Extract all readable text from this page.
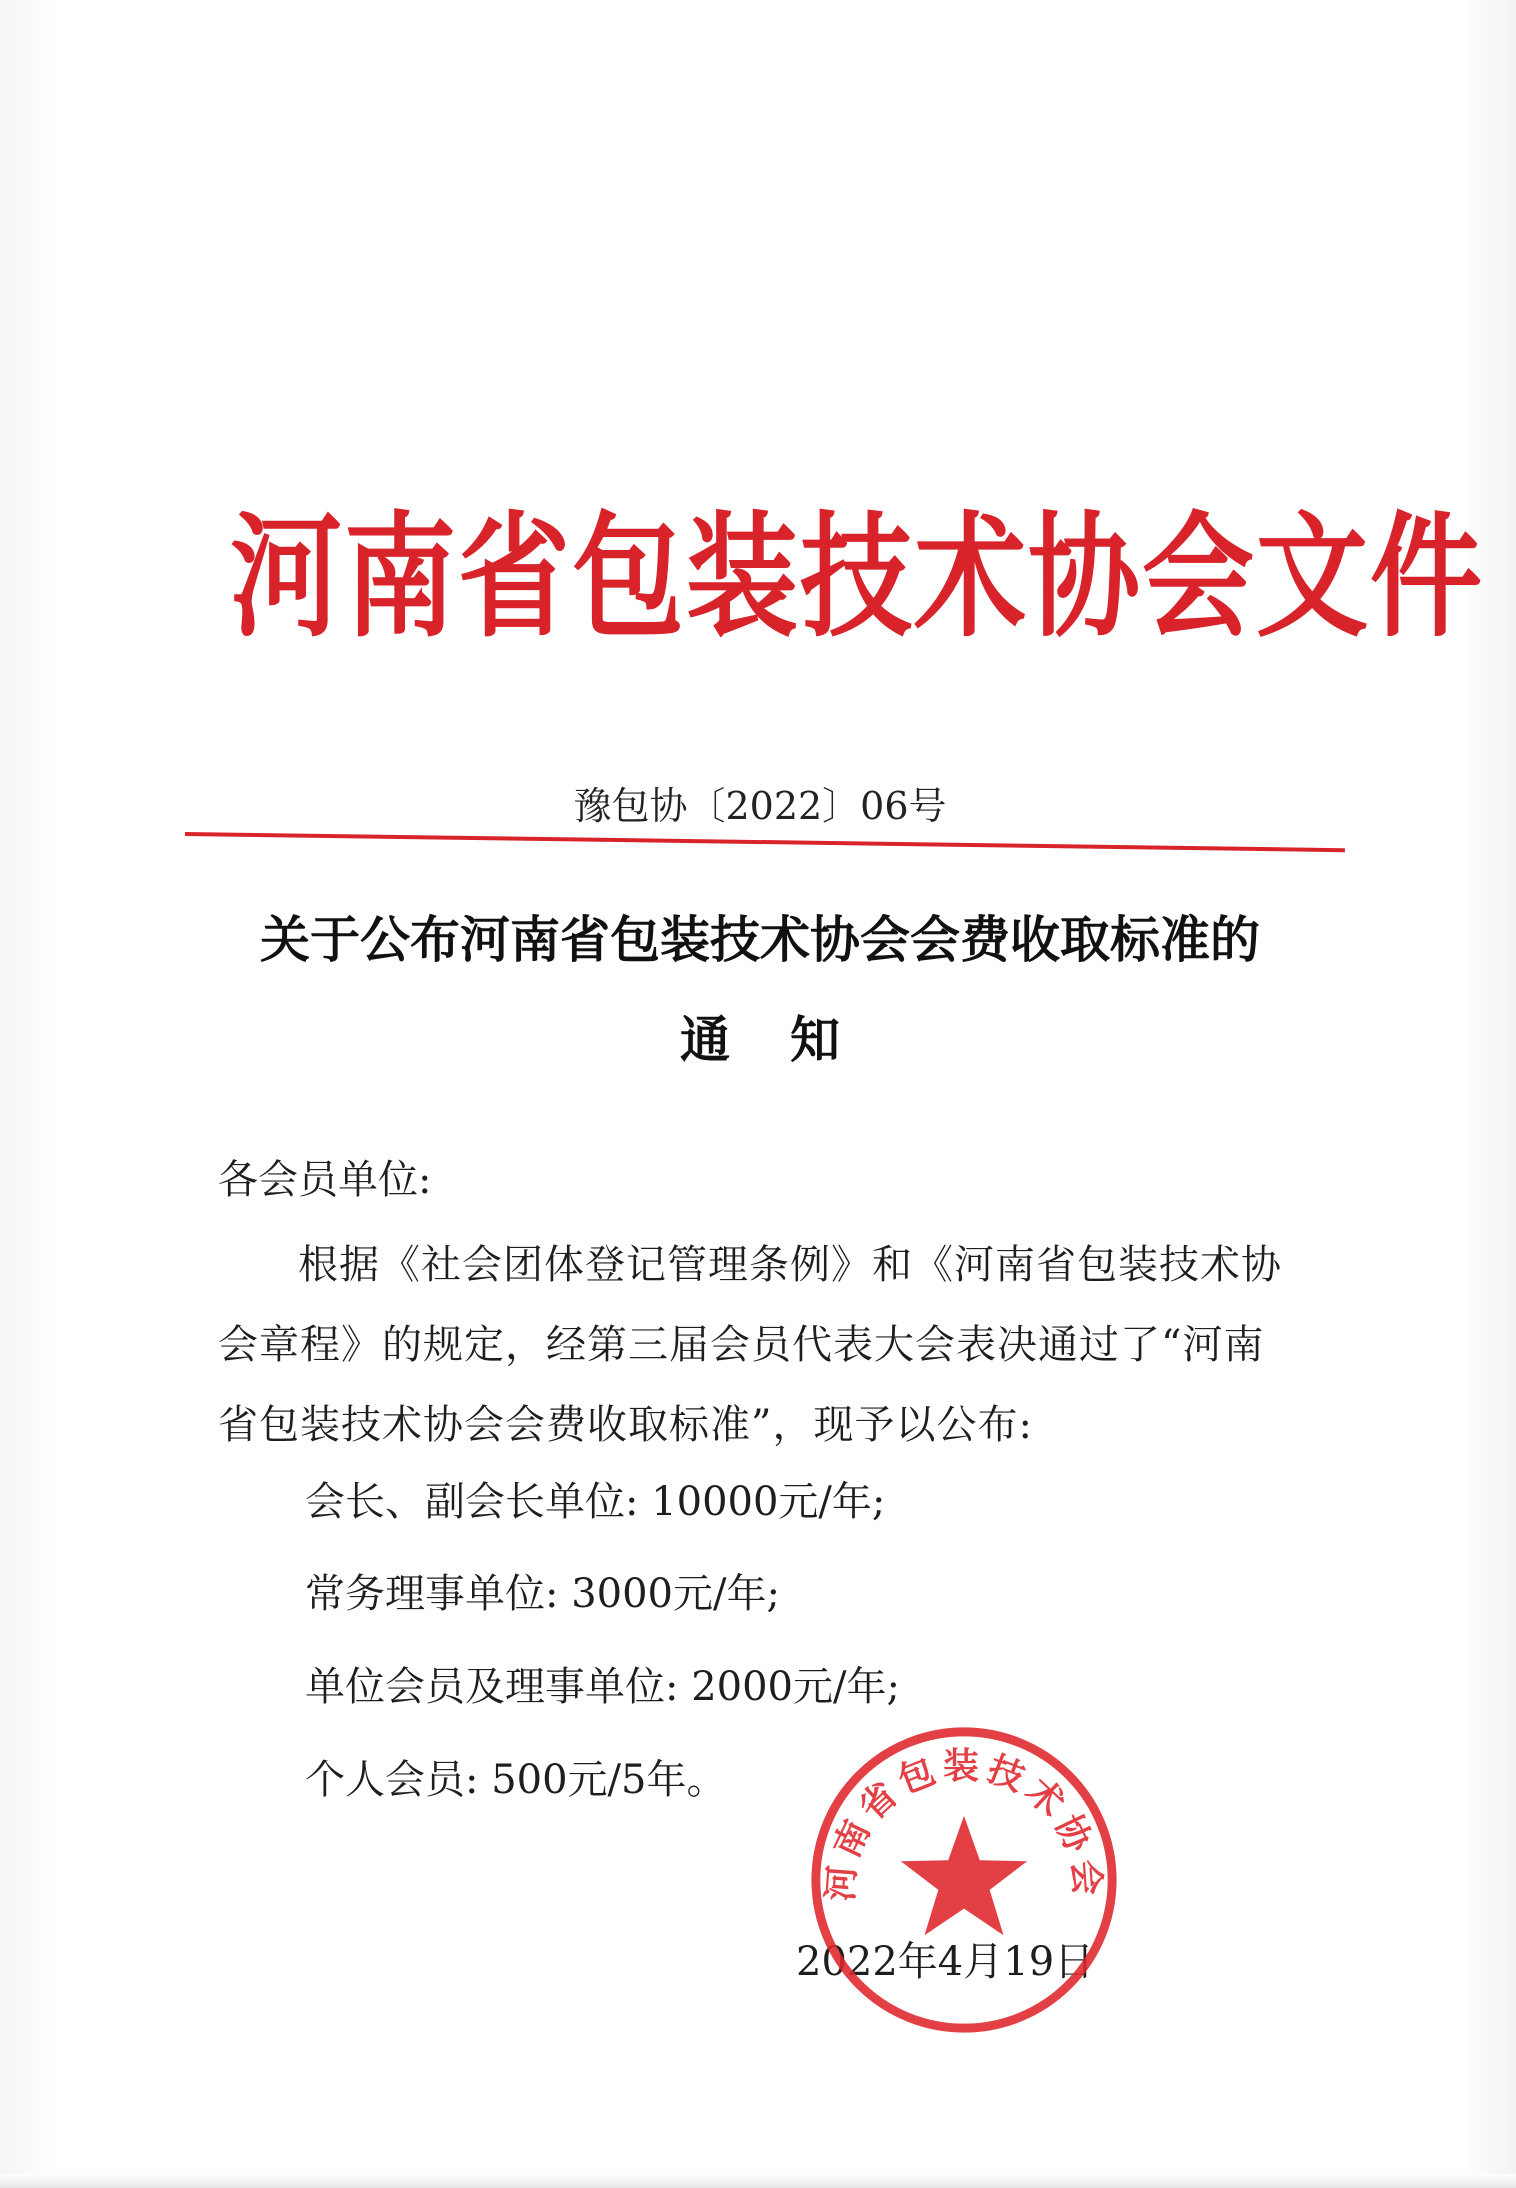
河南省包装技术协会文件
豫包协〔2022〕06号
关于公布河南省包装技术协会会费收取标准的
通知
各会员单位:
根据《社会团体登记管理条例》和《河南省包装技术协会章程》的规定，经第三届会员代表大会表决通过了“河南省包装技术协会会费收取标准”，现予以公布:
会长、副会长单位: 10000元/年;
常务理事单位: 3000元/年;
单位会员及理事单位: 2000元/年;
个人会员: 500元/5年。
2022年4月19日
河南省包装技术协会
